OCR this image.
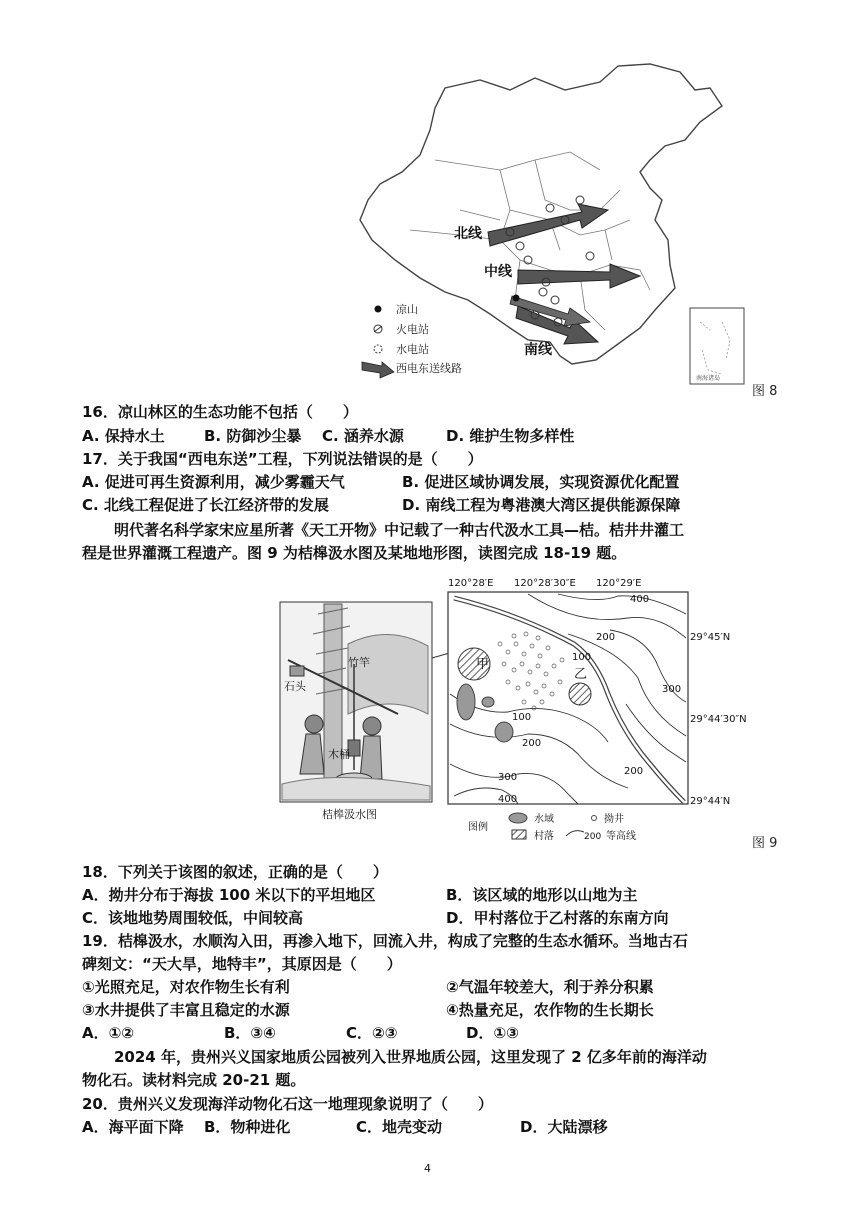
南海诸岛
北线
中线
南线
凉山
火电站
水电站
西电东送线路
图 8
16．凉山林区的生态功能不包括（　　）
A. 保持水土	B. 防御沙尘暴 C. 涵养水源	D. 维护生物多样性
17．关于我国“西电东送”工程，下列说法错误的是（　　）
A. 促进可再生资源利用，减少雾霾天气	B. 促进区域协调发展，实现资源优化配置
C. 北线工程促进了长江经济带的发展	D. 南线工程为粤港澳大湾区提供能源保障
明代著名科学家宋应星所著《天工开物》中记载了一种古代汲水工具—桔。桔井井灌工
程是世界灌溉工程遗产。图 9 为桔槔汲水图及某地地形图，读图完成 18-19 题。
竹竿
石头
木桶
桔槔汲水图
120°28′E 120°28′30″E 120°29′E
29°45′N
29°44′30″N
29°44′N
400
200
100
300
100
200
300
200
400
甲
乙
图例
水域	拗井
村落	200 等高线	图 9
18．下列关于该图的叙述，正确的是（　　）
A．拗井分布于海拔 100 米以下的平坦地区	B．该区域的地形以山地为主
C．该地地势周围较低，中间较高	D．甲村落位于乙村落的东南方向
19．桔槔汲水，水顺沟入田，再渗入地下，回流入井，构成了完整的生态水循环。当地古石
碑刻文：“天大旱，地特丰”，其原因是（　　）
①光照充足，对农作物生长有利	②气温年较差大，利于养分积累
③水井提供了丰富且稳定的水源	④热量充足，农作物的生长期长
A．①②	B．③④	C．②③	D．①③
2024 年，贵州兴义国家地质公园被列入世界地质公园，这里发现了 2 亿多年前的海洋动
物化石。读材料完成 20-21 题。
20．贵州兴义发现海洋动物化石这一地理现象说明了（　　）
A．海平面下降 B．物种进化	C．地壳变动	D．大陆漂移
4
